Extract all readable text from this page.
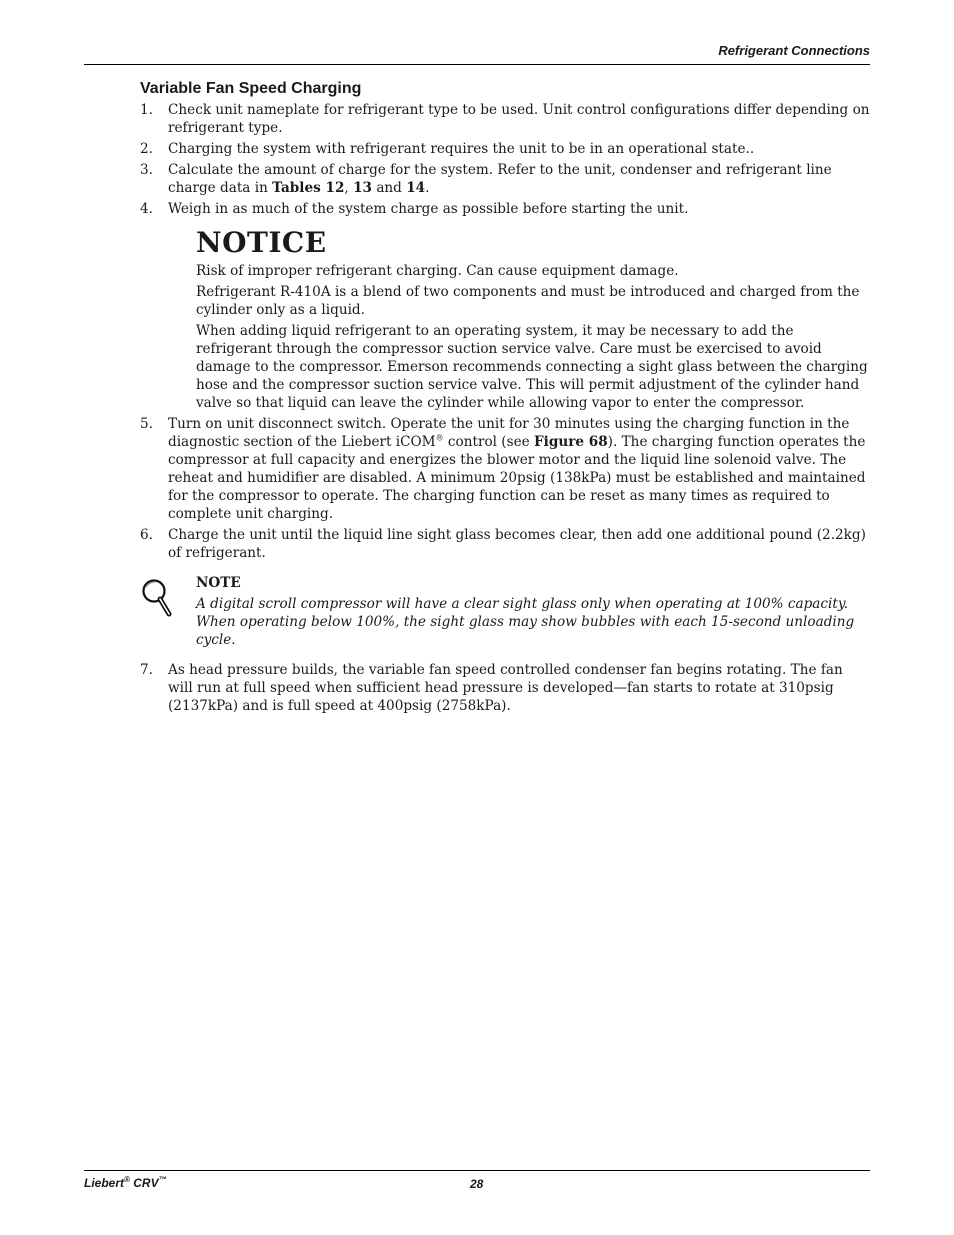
Refrigerant Connections
Variable Fan Speed Charging
1. Check unit nameplate for refrigerant type to be used. Unit control configurations differ depending on refrigerant type.
2. Charging the system with refrigerant requires the unit to be in an operational state..
3. Calculate the amount of charge for the system. Refer to the unit, condenser and refrigerant line charge data in Tables 12, 13 and 14.
4. Weigh in as much of the system charge as possible before starting the unit.
NOTICE

Risk of improper refrigerant charging. Can cause equipment damage.

Refrigerant R-410A is a blend of two components and must be introduced and charged from the cylinder only as a liquid.

When adding liquid refrigerant to an operating system, it may be necessary to add the refrigerant through the compressor suction service valve. Care must be exercised to avoid damage to the compressor. Emerson recommends connecting a sight glass between the charging hose and the compressor suction service valve. This will permit adjustment of the cylinder hand valve so that liquid can leave the cylinder while allowing vapor to enter the compressor.

5. Turn on unit disconnect switch. Operate the unit for 30 minutes using the charging function in the diagnostic section of the Liebert iCOM® control (see Figure 68). The charging function operates the compressor at full capacity and energizes the blower motor and the liquid line solenoid valve. The reheat and humidifier are disabled. A minimum 20psig (138kPa) must be established and maintained for the compressor to operate. The charging function can be reset as many times as required to complete unit charging.
6. Charge the unit until the liquid line sight glass becomes clear, then add one additional pound (2.2kg) of refrigerant.
NOTE
A digital scroll compressor will have a clear sight glass only when operating at 100% capacity. When operating below 100%, the sight glass may show bubbles with each 15-second unloading cycle.
7. As head pressure builds, the variable fan speed controlled condenser fan begins rotating. The fan will run at full speed when sufficient head pressure is developed—fan starts to rotate at 310psig (2137kPa) and is full speed at 400psig (2758kPa).
Liebert® CRV™	28
